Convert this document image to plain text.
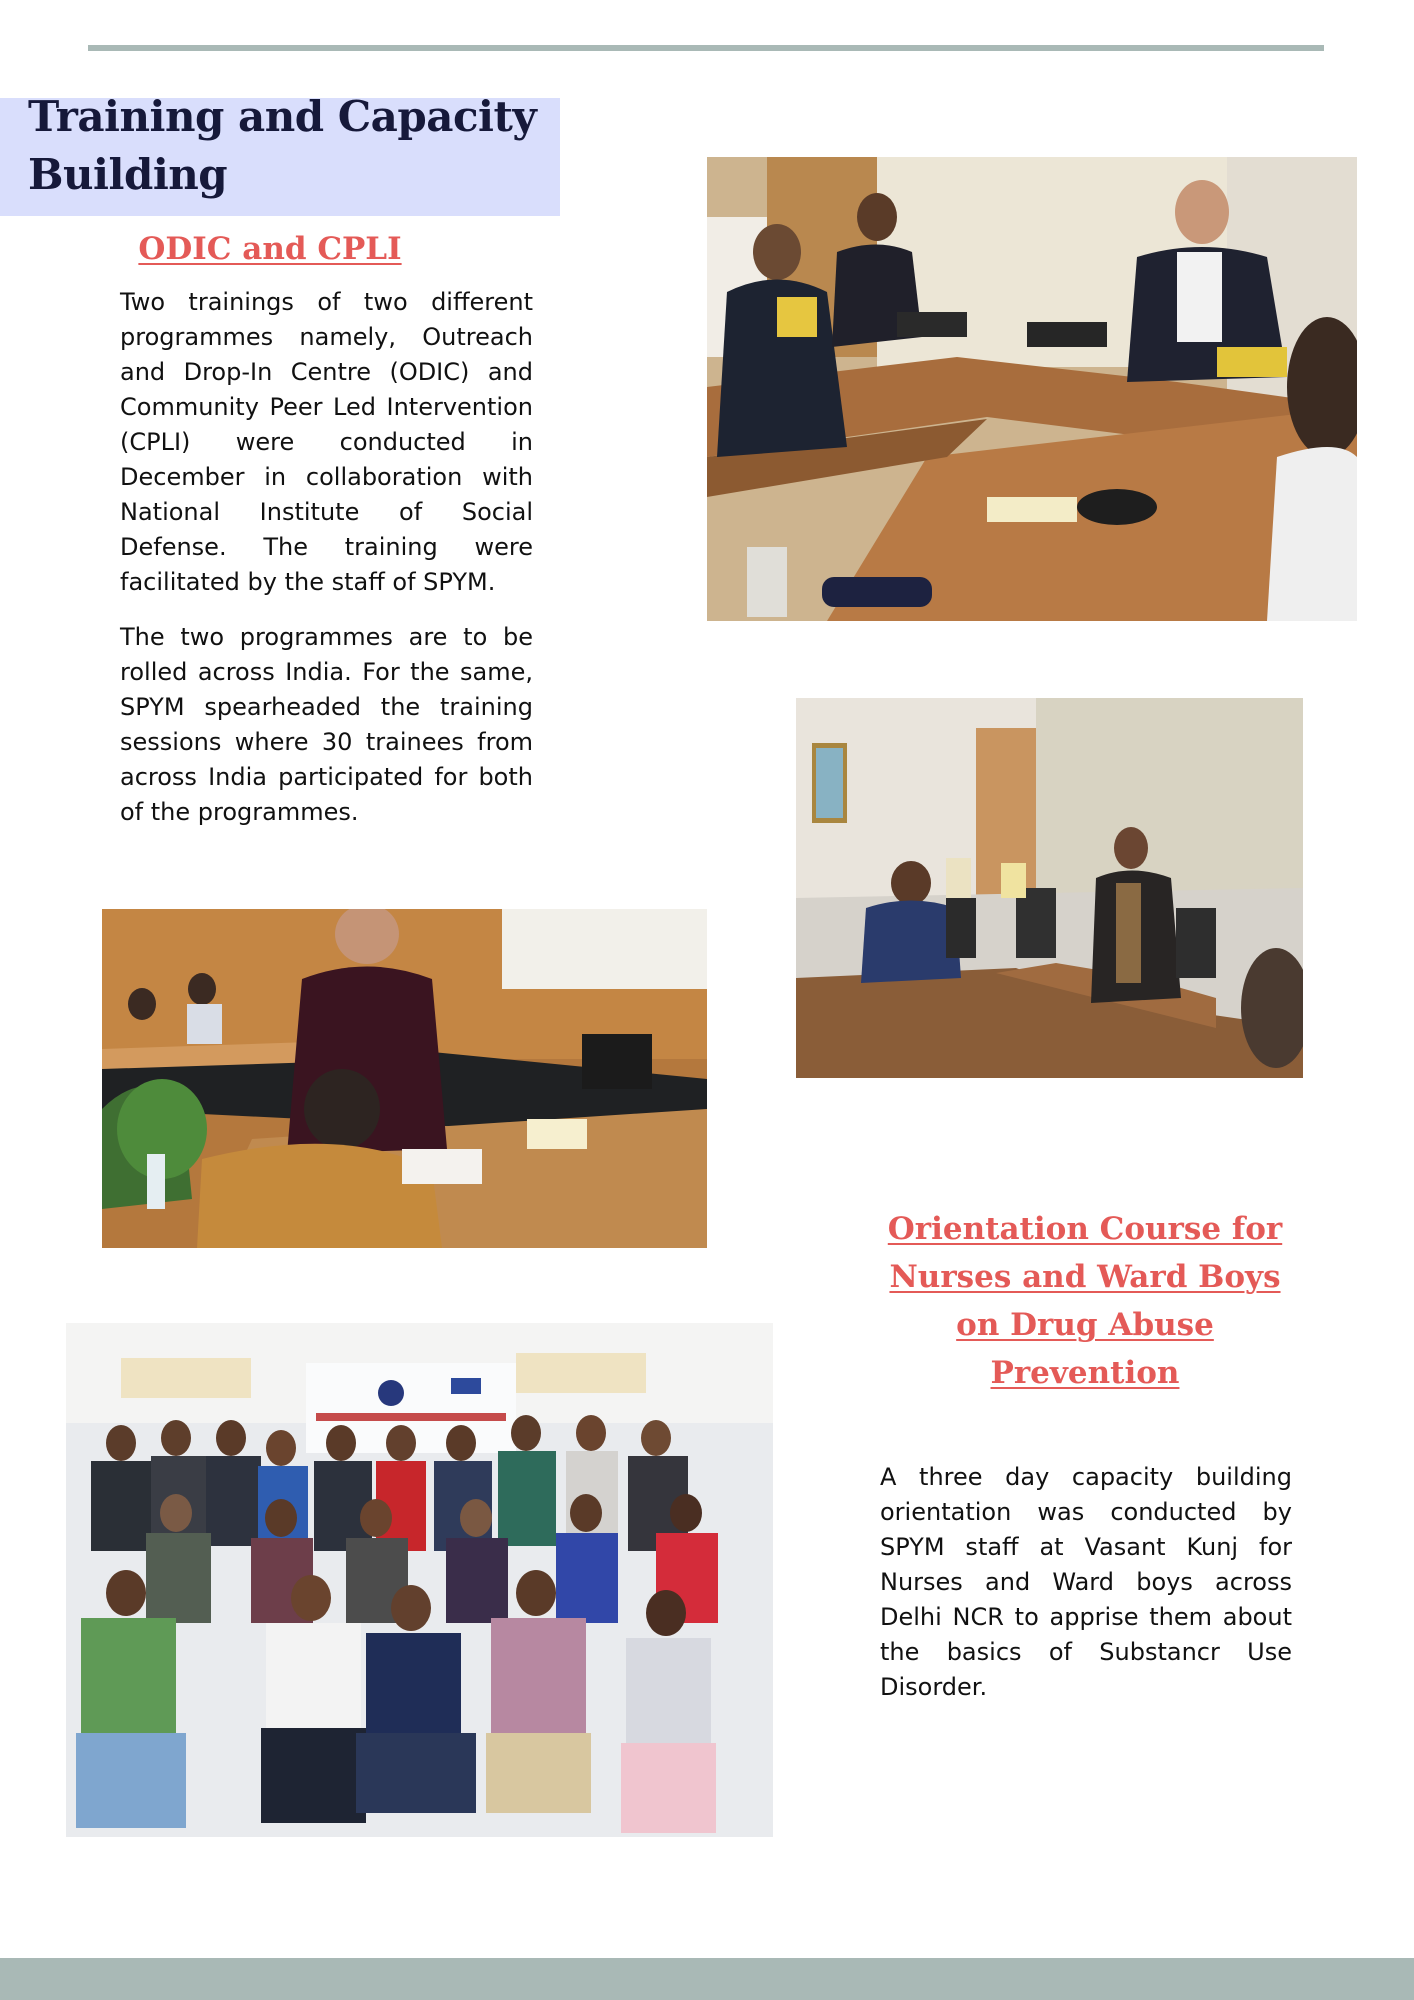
Training and Capacity Building
ODIC and CPLI

Two trainings of two different programmes namely, Outreach and Drop-In Centre (ODIC) and Community Peer Led Intervention (CPLI) were conducted in December in collaboration with National Institute of Social Defense. The training were facilitated by the staff of SPYM.

The two programmes are to be rolled across India. For the same, SPYM spearheaded the training sessions where 30 trainees from across India participated for both of the programmes.

Orientation Course for Nurses and Ward Boys on Drug Abuse Prevention

A three day capacity building orientation was conducted by SPYM staff at Vasant Kunj for Nurses and Ward boys across Delhi NCR to apprise them about the basics of Substancr Use Disorder.
